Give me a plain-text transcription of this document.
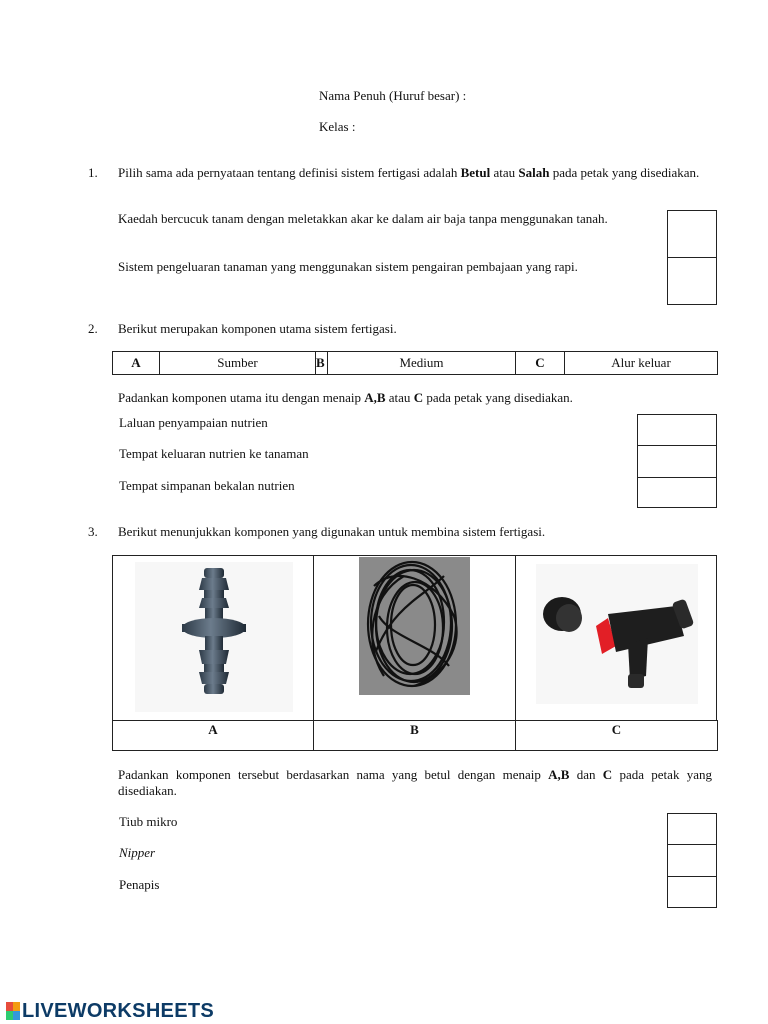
Nama Penuh (Huruf besar) :
Kelas :
1. Pilih sama ada pernyataan tentang definisi sistem fertigasi adalah Betul atau Salah pada petak yang disediakan.
Kaedah bercucuk tanam dengan meletakkan akar ke dalam air baja tanpa menggunakan tanah.
Sistem pengeluaran tanaman yang menggunakan sistem pengairan pembajaan yang rapi.
2. Berikut merupakan komponen utama sistem fertigasi.
A	Sumber	B	Medium	C	Alur keluar
Padankan komponen utama itu dengan menaip A,B atau C pada petak yang disediakan.
Laluan penyampaian nutrien
Tempat keluaran nutrien ke tanaman
Tempat simpanan bekalan nutrien
3. Berikut menunjukkan komponen yang digunakan untuk membina sistem fertigasi.
A	B	C
Padankan komponen tersebut berdasarkan nama yang betul dengan menaip A,B dan C pada petak yang disediakan.
Tiub mikro
Nipper
Penapis
LIVEWORKSHEETS
